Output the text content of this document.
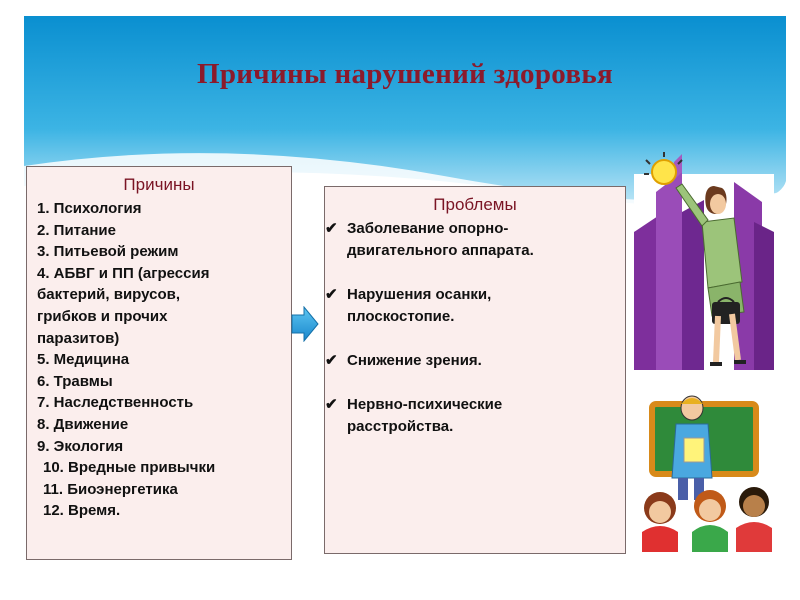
Причины нарушений здоровья
Причины
1. Психология
2. Питание
3. Питьевой режим
4. АБВГ и ПП (агрессия
бактерий, вирусов,
грибков и прочих
паразитов)
5. Медицина
6. Травмы
7. Наследственность
8. Движение
9. Экология
10. Вредные привычки
11. Биоэнергетика
12. Время.
Проблемы
✔ Заболевание опорно-
двигательного аппарата.
✔ Нарушения осанки,
плоскостопие.
✔ Снижение зрения.
✔ Нервно-психические
расстройства.
